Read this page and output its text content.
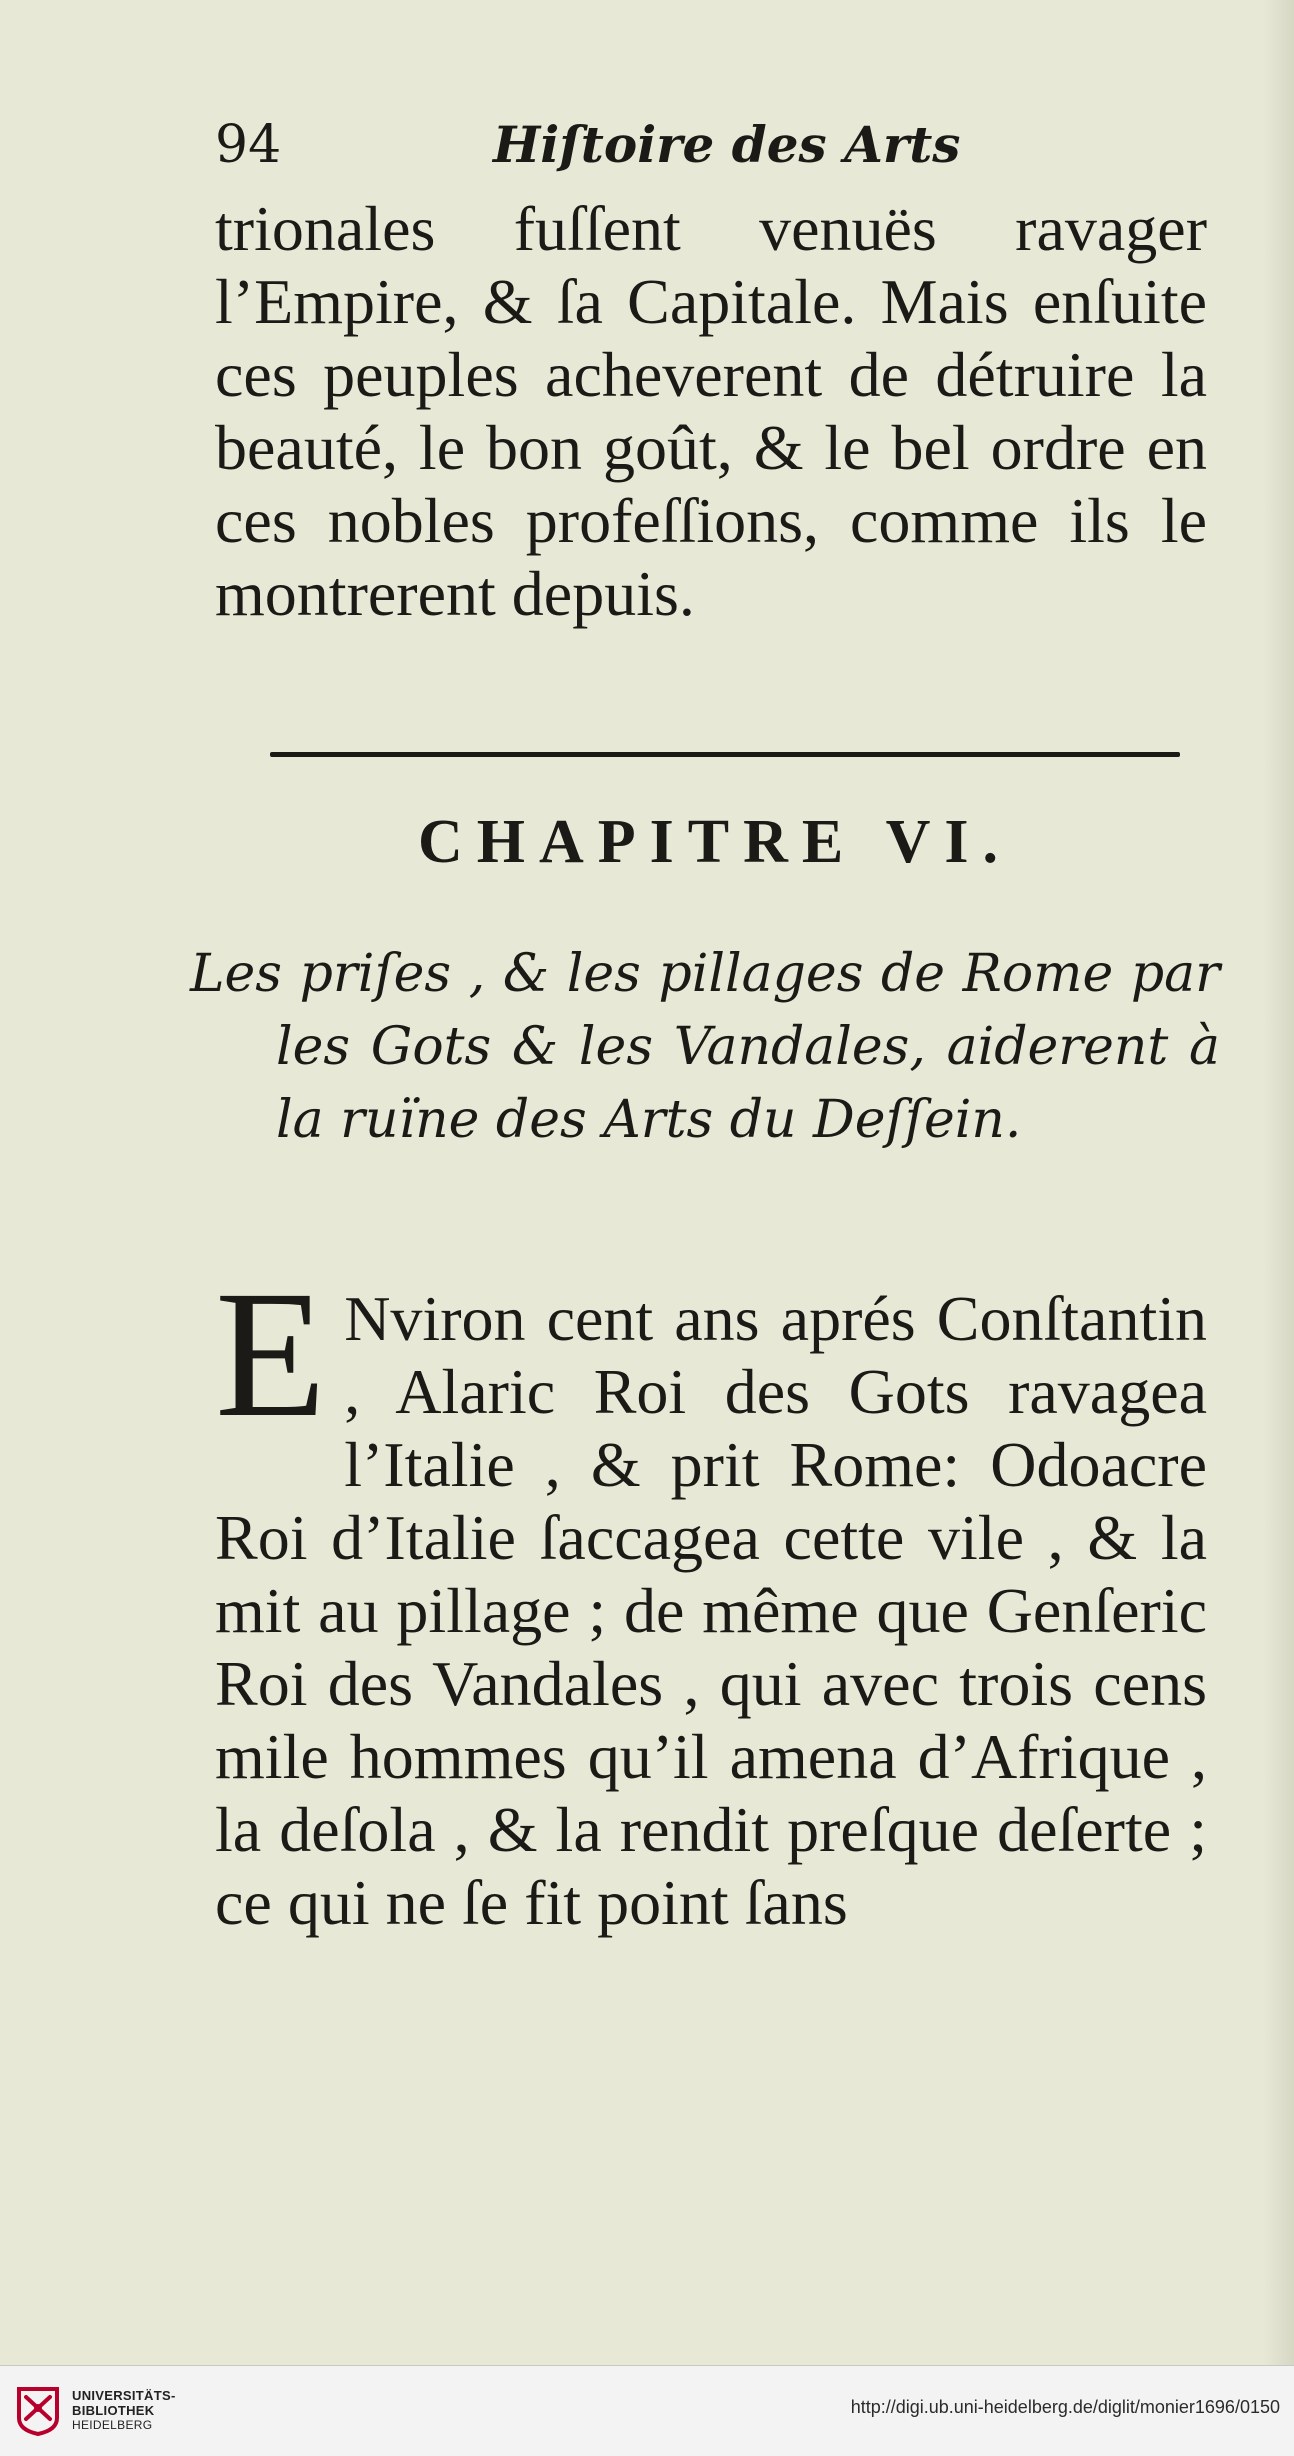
94	Hiſtoire des Arts

trionales fuſſent venuës ravager l’Empire, & ſa Capitale. Mais enſuite ces peuples acheverent de détruire la beauté, le bon goût, & le bel ordre en ces nobles profeſſions, comme ils le montrerent depuis.

CHAPITRE VI.
Les priſes , & les pillages de Rome par les Gots & les Vandales, aiderent à la ruïne des Arts du Deſſein.
E Nviron cent ans aprés Conſtantin , Alaric Roi des Gots ravagea l’Italie , & prit Rome: Odoacre Roi d’Italie ſaccagea cette vile , & la mit au pillage ; de même que Genſeric Roi des Vandales , qui avec trois cens mile hommes qu’il amena d’Afrique , la deſola , & la rendit preſque deſerte ; ce qui ne ſe fit point ſans
UNIVERSITÄTS-
BIBLIOTHEK
HEIDELBERG
http://digi.ub.uni-heidelberg.de/diglit/monier1696/0150
